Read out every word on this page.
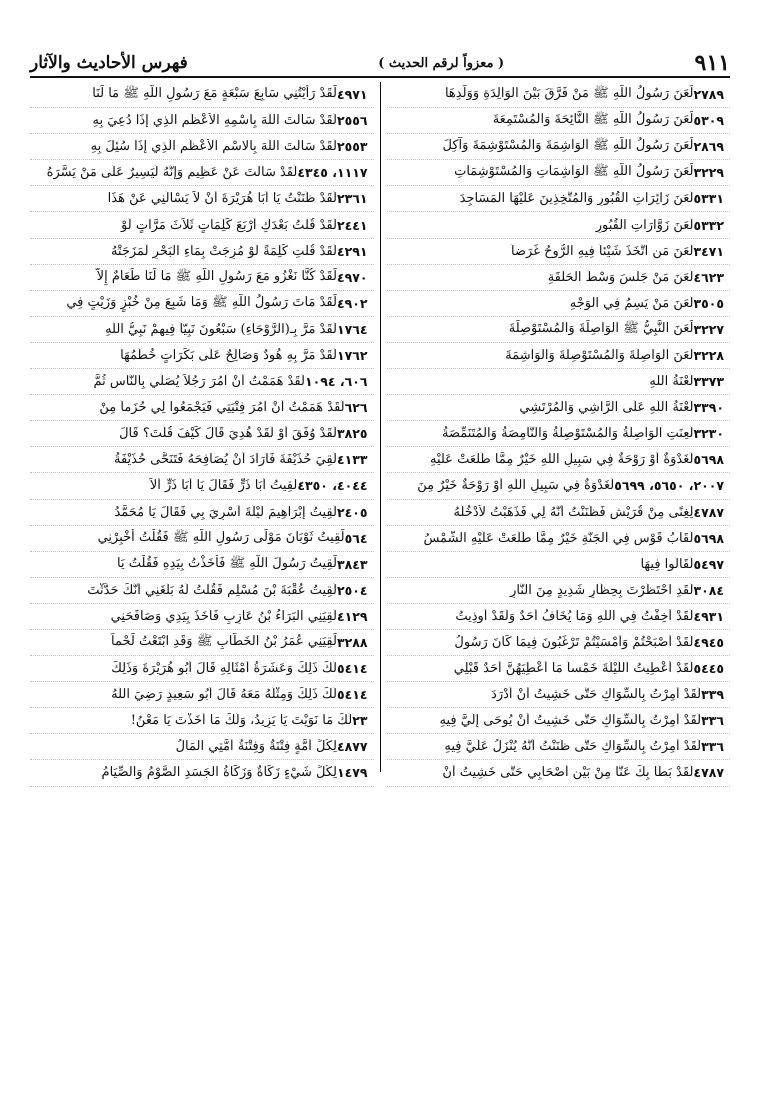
٩١١
( معزواً لرقم الحديث )
فهرس الأحاديث والآثار
لَعَنَ رَسُولُ اللّهِ ﷺ مَنْ فَرَّقَ بَيْنَ الوَالِدَةِ وَوَلَدِهَا ٢٧٨٩
لَعَنَ رَسُولُ اللّهِ ﷺ النَّائِحَةَ وَالمُسْتَمِعَةَ ٥٣٠٩
لَعَنَ رَسُولُ اللّهِ ﷺ الوَاشِمَةَ وَالمُسْتَوْشِمَةَ وَآكِلَ ٢٨٦٩
لَعَنَ رَسُولُ اللّهِ ﷺ الوَاشِمَاتِ وَالمُسْتَوْشِمَاتِ ٣٢٢٩
لَعَنَ زَائِرَاتِ القُبُورِ وَالمُتَّخِذِينَ عَلَيْهَا المَسَاجِدَ ٥٣٣١
لَعَنَ زَوَّارَاتِ القُبُورِ ٥٣٣٢
لَعَنَ مَنِ اتَّخَذَ شَيْئاً فِيهِ الرُّوحُ غَرَضاً ٣٤٧١
لَعَنَ مَنْ جَلَسَ وَسْطَ الحَلْقَةِ ٤٦٢٣
لَعَنَ مَنْ يَسِمُ فِي الوَجْهِ ٣٥٠٥
لَعَنَ النَّبِيُّ ﷺ الوَاصِلَةَ وَالمُسْتَوْصِلَةَ ٣٢٢٧
لَعَنَ الوَاصِلَةَ وَالمُسْتَوْصِلَةَ وَالوَاشِمَةَ ٣٢٢٨
لَعْنَةُ اللّهِ ٣٣٧٣
لَعْنَةُ اللّهِ عَلَى الرَّاشِي وَالمُرْتَشِي ٣٣٩٠
لُعِنَتِ الوَاصِلَةُ وَالمُسْتَوْصِلَةُ وَالنَّامِصَةُ وَالمُتَنَمِّصَةُ ٣٢٣٠
لَغَدْوَةٌ أَوْ رَوْحَةٌ فِي سَبِيلِ اللّهِ خَيْرٌ مِمَّا طَلَعَتْ عَلَيْهِ ٥٦٩٨
لَغَدْوَةٌ فِي سَبِيلِ اللّهِ أَوْ رَوْحَةٌ خَيْرٌ مِنَ ٢٠٠٧، ٥٦٥٠، ٥٦٩٩
لِغِنًى مِنْ قُرَيْشٍ فَظَنَنْتُ أَنَّهُ لِي فَذَهَبْتُ لأَدْخُلَهُ ٤٧٨٧
لَقَابُ قَوْسٍ فِي الجَنَّةِ خَيْرٌ مِمَّا طَلَعَتْ عَلَيْهِ الشَّمْسُ ٥٦٩٨
لَقَالُوا فِيهَا ٥٤٩٧
لَقَدِ احْتَظَرْتَ بِحِظَارٍ شَدِيدٍ مِنَ النَّارِ ٣٠٨٤
لَقَدْ أُخِفْتُ فِي اللّهِ وَمَا يُخَافُ أَحَدٌ وَلَقَدْ أُوذِيتُ ٤٩٣١
لَقَدْ أَصْبَحْتُمْ وَأَمْسَيْتُمْ تَرْغَبُونَ فِيمَا كَانَ رَسُولُ ٤٩٤٥
لَقَدْ أُعْطِيتُ اللَّيْلَةَ خَمْساً مَا أُعْطِيَهُنَّ أَحَدٌ قَبْلِي ٥٤٤٥
لَقَدْ أُمِرْتُ بِالسِّوَاكِ حَتَّى خَشِيتُ أَنْ أُدْرَدَ ٣٣٩
لَقَدْ أُمِرْتُ بِالسِّوَاكِ حَتَّى خَشِيتُ أَنْ يُوحَى إِلَيَّ فِيهِ ٣٣٦
لَقَدْ أُمِرْتُ بِالسِّوَاكِ حَتَّى ظَنَنْتُ أَنَّهُ يُنْزَلُ عَلَيَّ فِيهِ ٣٣٦
لَقَدْ بَطَأَ بِكَ عَنَّا مِنْ بَيْنِ أَصْحَابِي حَتَّى خَشِيتُ أَنْ ٤٧٨٧
لَقَدْ رَأَيْتُنِي سَابِعَ سَبْعَةٍ مَعَ رَسُولِ اللّهِ ﷺ مَا لَنَا ٤٩٧١
لَقَدْ سَأَلْتَ اللّهَ بِاسْمِهِ الأَعْظَمِ الَّذِي إِذَا دُعِيَ بِهِ ٢٥٥٦
لَقَدْ سَأَلْتَ اللّهَ بِالاسْمِ الأَعْظَمِ الَّذِي إِذَا سُئِلَ بِهِ ٢٥٥٣
لَقَدْ سَأَلْتَ عَنْ عَظِيمٍ وَإِنَّهُ لَيَسِيرٌ عَلَى مَنْ يَسَّرَهُ ١١١٧، ٤٣٤٥
لَقَدْ ظَنَنْتُ يَا أَبَا هُرَيْرَةَ أَنْ لاَ يَسْأَلُنِي عَنْ هَذَا ٢٣٦١
لَقَدْ قُلْتُ بَعْدَكِ أَرْبَعَ كَلِمَاتٍ ثَلاَثَ مَرَّاتٍ لَوْ ٢٤٤١
لَقَدْ قُلْتِ كَلِمَةً لَوْ مُزِجَتْ بِمَاءِ البَحْرِ لَمَزَجَتْهُ ٤٢٩١
لَقَدْ كُنَّا نَغْزُو مَعَ رَسُولِ اللّهِ ﷺ مَا لَنَا طَعَامٌ إِلاَّ ٤٩٧٠
لَقَدْ مَاتَ رَسُولُ اللّهِ ﷺ وَمَا شَبِعَ مِنْ خُبْزٍ وَزَيْتٍ فِي ٤٩٠٢
لَقَدْ مَرَّ بِـ(الرَّوْحَاءِ) سَبْعُونَ نَبِيّاً فِيهِمْ نَبِيُّ اللّهِ ١٧٦٤
لَقَدْ مَرَّ بِهِ هُودٌ وَصَالِحٌ عَلَى بَكَرَاتٍ خُطُمُهَا ١٧٦٢
لَقَدْ هَمَمْتُ أَنْ آمُرَ رَجُلاً يُصَلِّي بِالنَّاسِ ثُمَّ ٦٠٦، ١٠٩٤
لَقَدْ هَمَمْتُ أَنْ آمُرَ فِتْيَتِي فَيَجْمَعُوا لِي حُزَماً مِنْ ٦٢٦
لَقَدْ وُفِّقَ أَوْ لَقَدْ هُدِيَ قَالَ كَيْفَ قُلْتَ؟ قَالَ ٣٨٢٥
لَقِيَ حُذَيْفَةَ فَأَرَادَ أَنْ يُصَافِحَهُ فَتَنَحَّى حُذَيْفَةُ ٤١٣٣
لَقِيتُ أَبَا ذَرٍّ فَقَالَ يَا أَبَا ذَرٍّ أَلاَ ٤٠٤٤، ٤٣٥٠
لَقِيتُ إِبْرَاهِيمَ لَيْلَةَ أُسْرِيَ بِي فَقَالَ يَا مُحَمَّدُ ٢٤٠٥
لَقِيتُ ثَوْبَانَ مَوْلَى رَسُولِ اللّهِ ﷺ فَقُلْتُ أَخْبِرْنِي ٥٦٤
لَقِيتُ رَسُولَ اللّهِ ﷺ فَأَخَذْتُ بِيَدِهِ فَقُلْتُ يَا ٣٨٤٣
لَقِيتُ عُقْبَةَ بْنَ مُسْلِمٍ فَقُلْتُ لَهُ بَلَغَنِي أَنَّكَ حَدَّثْتَ ٢٥٠٤
لَقِيَنِي البَرَاءُ بْنُ عَازِبٍ فَأَخَذَ بِيَدِي وَصَافَحَنِي ٤١٢٩
لَقِيَنِي عُمَرُ بْنُ الخَطَّابِ ﷺ وَقَدِ ابْتَعْتُ لَحْماً ٣٢٨٨
لَكَ ذَلِكَ وَعَشَرَةُ أَمْثَالِهِ قَالَ أَبُو هُرَيْرَةَ وَذَلِكَ ٥٤١٤
لَكَ ذَلِكَ وَمِثْلُهُ مَعَهُ قَالَ أَبُو سَعِيدٍ رَضِيَ اللّهُ ٥٤١٤
لَكَ مَا نَوَيْتَ يَا يَزِيدُ، وَلَكَ مَا أَخَذْتَ يَا مَعْنُ! ٢٣
لِكُلِّ أُمَّةٍ فِتْنَةٌ وَفِتْنَةُ أُمَّتِي المَالُ ٤٨٧٧
لِكُلِّ شَيْءٍ زَكَاةٌ وَزَكَاةُ الجَسَدِ الصَّوْمُ وَالصِّيَامُ ١٤٧٩
